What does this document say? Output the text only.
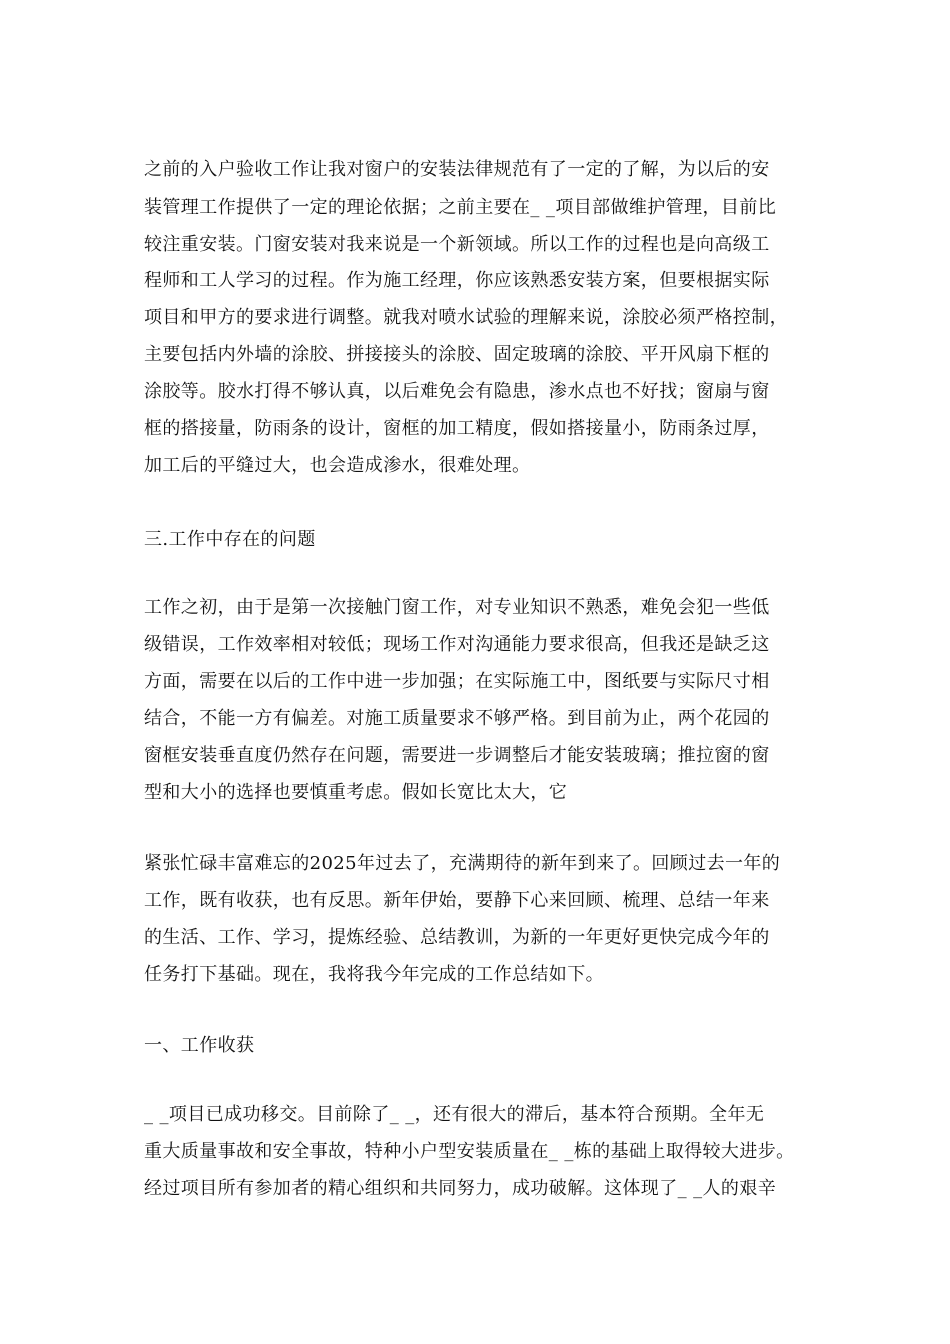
之前的入户验收工作让我对窗户的安装法律规范有了一定的了解，为以后的安
装管理工作提供了一定的理论依据；之前主要在_ _项目部做维护管理，目前比
较注重安装。门窗安装对我来说是一个新领域。所以工作的过程也是向高级工
程师和工人学习的过程。作为施工经理，你应该熟悉安装方案，但要根据实际
项目和甲方的要求进行调整。就我对喷水试验的理解来说，涂胶必须严格控制，
主要包括内外墙的涂胶、拼接接头的涂胶、固定玻璃的涂胶、平开风扇下框的
涂胶等。胶水打得不够认真，以后难免会有隐患，渗水点也不好找；窗扇与窗
框的搭接量，防雨条的设计，窗框的加工精度，假如搭接量小，防雨条过厚，
加工后的平缝过大，也会造成渗水，很难处理。
三.工作中存在的问题
工作之初，由于是第一次接触门窗工作，对专业知识不熟悉，难免会犯一些低
级错误，工作效率相对较低；现场工作对沟通能力要求很高，但我还是缺乏这
方面，需要在以后的工作中进一步加强；在实际施工中，图纸要与实际尺寸相
结合，不能一方有偏差。对施工质量要求不够严格。到目前为止，两个花园的
窗框安装垂直度仍然存在问题，需要进一步调整后才能安装玻璃；推拉窗的窗
型和大小的选择也要慎重考虑。假如长宽比太大，它
紧张忙碌丰富难忘的2025年过去了，充满期待的新年到来了。回顾过去一年的
工作，既有收获，也有反思。新年伊始，要静下心来回顾、梳理、总结一年来
的生活、工作、学习，提炼经验、总结教训，为新的一年更好更快完成今年的
任务打下基础。现在，我将我今年完成的工作总结如下。
一、工作收获
_ _项目已成功移交。目前除了_ _，还有很大的滞后，基本符合预期。全年无
重大质量事故和安全事故，特种小户型安装质量在_ _栋的基础上取得较大进步。
经过项目所有参加者的精心组织和共同努力，成功破解。这体现了_ _人的艰辛
